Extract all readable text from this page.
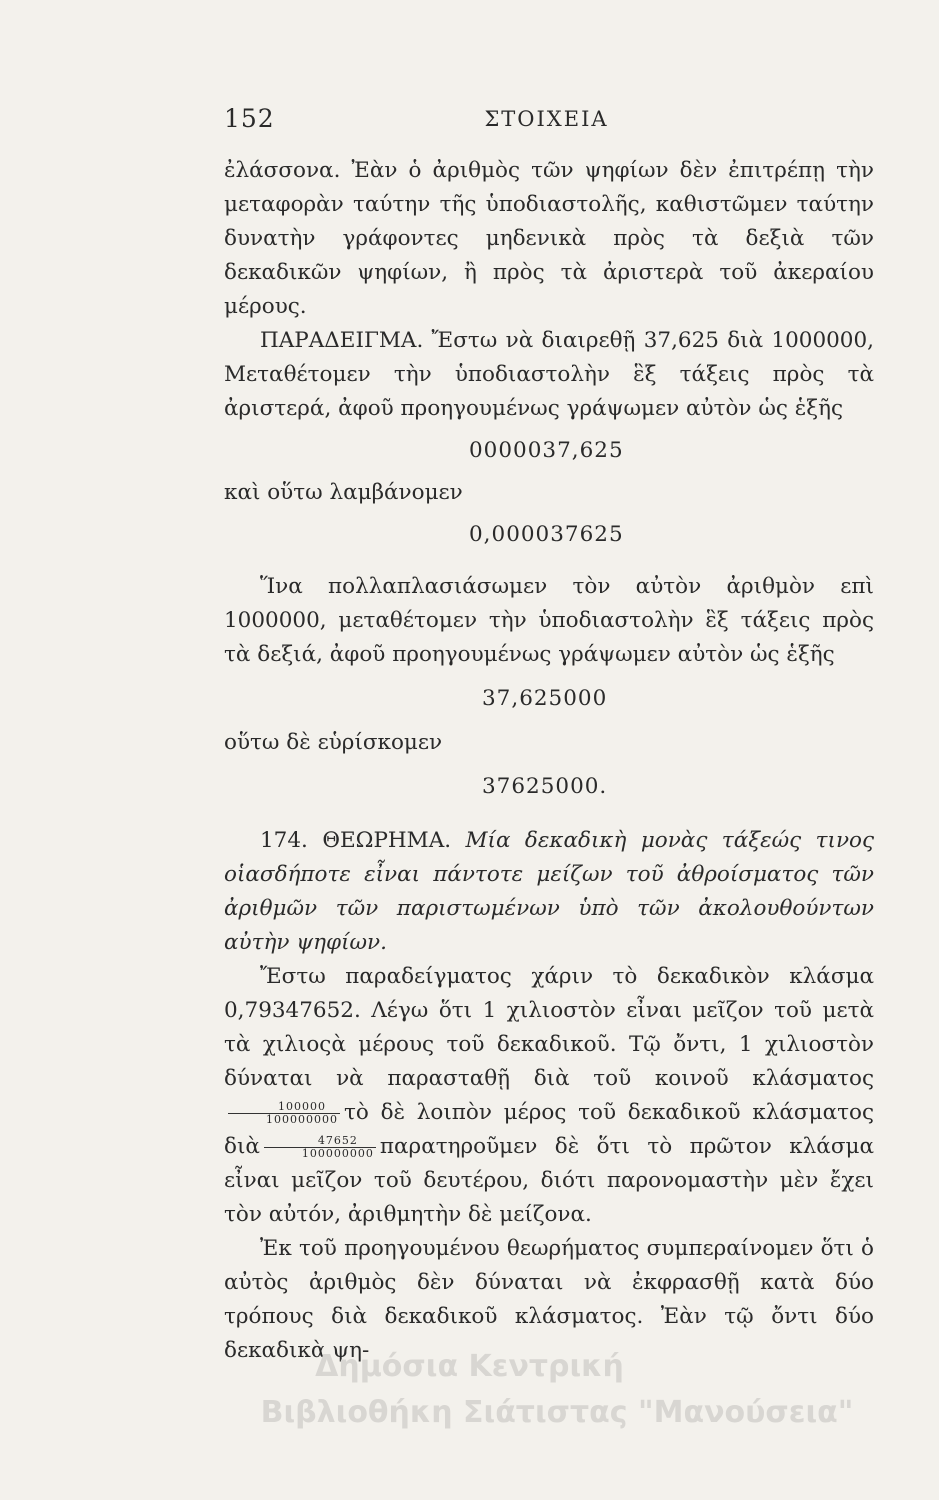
152	ΣΤΟΙΧΕΙΑ

ἐλάσσονα. Ἐὰν ὁ ἀριθμὸς τῶν ψηφίων δὲν ἐπιτρέπῃ τὴν μεταφορὰν ταύτην τῆς ὑποδιαστολῆς, καθιστῶμεν ταύτην δυνατὴν γράφοντες μηδενικὰ πρὸς τὰ δεξιὰ τῶν δεκαδικῶν ψηφίων, ἢ πρὸς τὰ ἀριστερὰ τοῦ ἀκεραίου μέρους.

ΠΑΡΑΔΕΙΓΜΑ. Ἔστω νὰ διαιρεθῇ 37,625 διὰ 1000000, Μεταθέτομεν τὴν ὑποδιαστολὴν ἓξ τάξεις πρὸς τὰ ἀριστερά, ἀφοῦ προηγουμένως γράψωμεν αὐτὸν ὡς ἑξῆς

0000037,625

καὶ οὕτω λαμβάνομεν

0,000037625

Ἵνα πολλαπλασιάσωμεν τὸν αὐτὸν ἀριθμὸν επὶ 1000000, μεταθέτομεν τὴν ὑποδιαστολὴν ἓξ τάξεις πρὸς τὰ δεξιά, ἀφοῦ προηγουμένως γράψωμεν αὐτὸν ὡς ἑξῆς

37,625000

οὕτω δὲ εὑρίσκομεν

37625000.

174. ΘΕΩΡΗΜΑ. Μία δεκαδικὴ μονὰς τάξεώς τινος οἱασδήποτε εἶναι πάντοτε μείζων τοῦ ἀθροίσματος τῶν ἀριθμῶν τῶν παριστωμένων ὑπὸ τῶν ἀκολουθούντων αὐτὴν ψηφίων.

Ἔστω παραδείγματος χάριν τὸ δεκαδικὸν κλάσμα 0,79347652. Λέγω ὅτι 1 χιλιοστὸν εἶναι μεῖζον τοῦ μετὰ τὰ χιλιοςὰ μέρους τοῦ δεκαδικοῦ. Τῷ ὄντι, 1 χιλιοστὸν δύναται νὰ παρασταθῇ διὰ τοῦ κοινοῦ κλάσματος
$\frac{100000}{100000000}$ τὸ δὲ λοιπὸν μέρος τοῦ δεκαδικοῦ κλάσματος διὰ $\frac{47652}{100000000}$ παρατηροῦμεν δὲ ὅτι τὸ πρῶτον κλάσμα εἶναι μεῖζον τοῦ δευτέρου, διότι παρονομαστὴν μὲν ἔχει τὸν αὐτόν, ἀριθμητὴν δὲ μείζονα.

Ἐκ τοῦ προηγουμένου θεωρήματος συμπεραίνομεν ὅτι ὁ αὐτὸς ἀριθμὸς δὲν δύναται νὰ ἐκφρασθῇ κατὰ δύο τρόπους διὰ δεκαδικοῦ κλάσματος. Ἐὰν τῷ ὄντι δύο δεκαδικὰ ψη-

Δημόσια Κεντρική
Βιβλιοθήκη Σιάτιστας "Μανούσεια"
